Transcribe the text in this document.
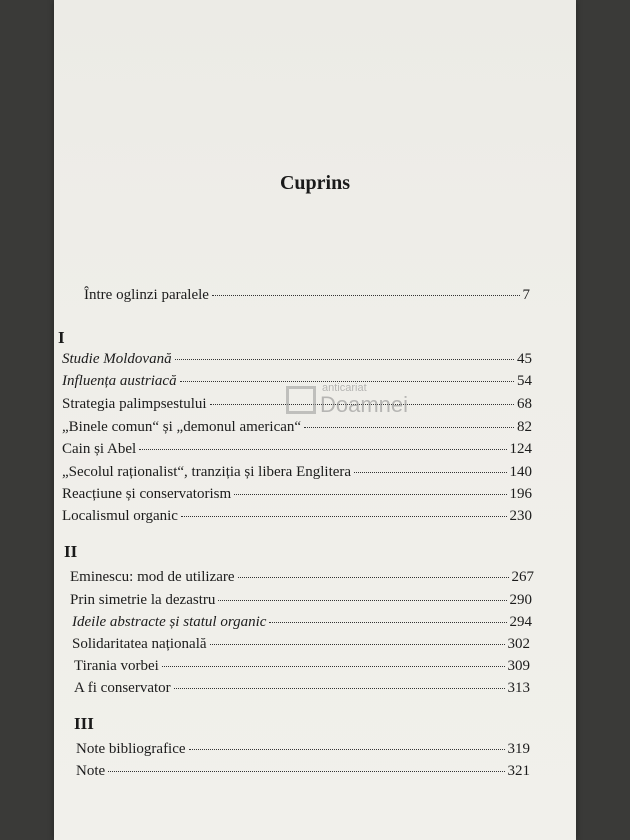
Cuprins
Între oglinzi paralele	7
I
Studie Moldovană	45
Influența austriacă	54
Strategia palimpsestului	68
„Binele comun“ și „demonul american“	82
Cain și Abel	124
„Secolul raționalist“, tranziția și libera Englitera	140
Reacțiune și conservatorism	196
Localismul organic	230
II
Eminescu: mod de utilizare	267
Prin simetrie la dezastru	290
Ideile abstracte și statul organic	294
Solidaritatea națională	302
Tirania vorbei	309
A fi conservator	313
III
Note bibliografice	319
Note	321
anticariat
Doamnei
